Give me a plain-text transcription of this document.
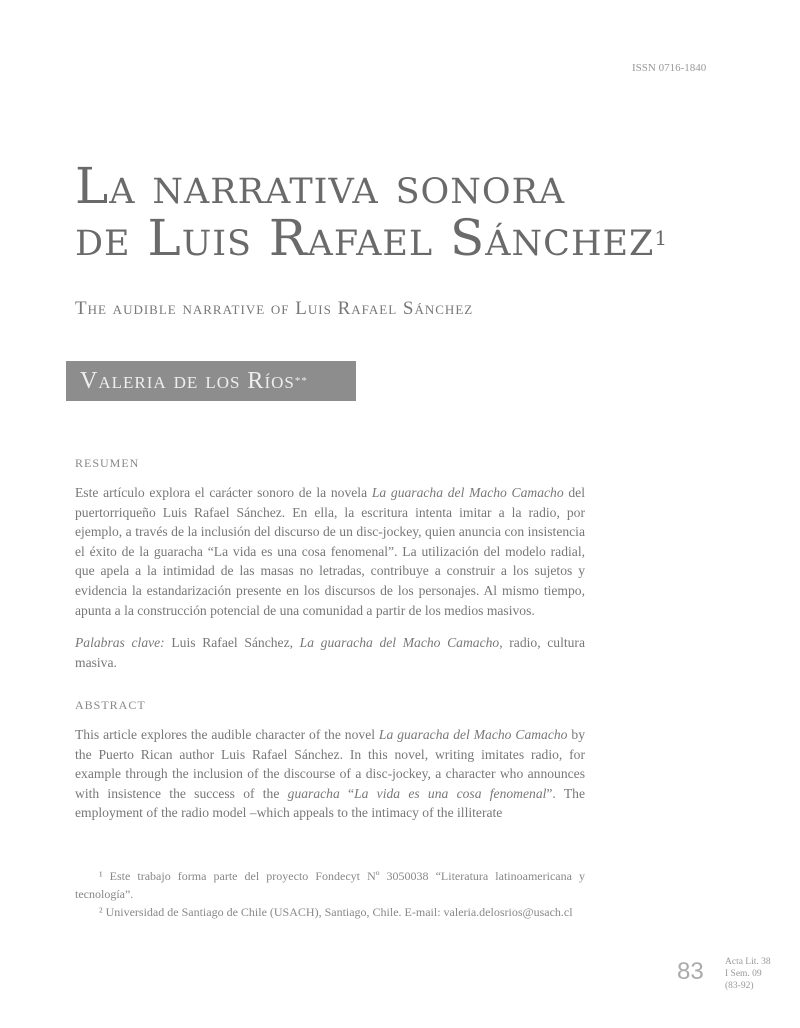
ISSN 0716-1840
La narrativa sonora
de Luis Rafael Sánchez$^1$
The audible narrative of Luis Rafael Sánchez
Valeria de los Ríos**
RESUMEN
Este artículo explora el carácter sonoro de la novela La guaracha del Macho Camacho del puertorriqueño Luis Rafael Sánchez. En ella, la escritura intenta imitar a la radio, por ejemplo, a través de la inclusión del discurso de un disc-jockey, quien anuncia con insistencia el éxito de la guaracha “La vida es una cosa fenomenal”. La utilización del modelo radial, que apela a la intimidad de las masas no letradas, contribuye a construir a los sujetos y evidencia la estandarización presente en los discursos de los personajes. Al mismo tiempo, apunta a la construcción potencial de una comunidad a partir de los medios masivos.
Palabras clave: Luis Rafael Sánchez, La guaracha del Macho Camacho, radio, cultura masiva.
ABSTRACT
This article explores the audible character of the novel La guaracha del Macho Camacho by the Puerto Rican author Luis Rafael Sánchez. In this novel, writing imitates radio, for example through the inclusion of the discourse of a disc-jockey, a character who announces with insistence the success of the guaracha “La vida es una cosa fenomenal”. The employment of the radio model –which appeals to the intimacy of the illiterate

¹ Este trabajo forma parte del proyecto Fondecyt Nº 3050038 “Literatura latinoamericana y tecnología”.

² Universidad de Santiago de Chile (USACH), Santiago, Chile. E-mail: valeria.delosrios@usach.cl

83 Acta Lit. 38
I Sem. 09
(83-92)
